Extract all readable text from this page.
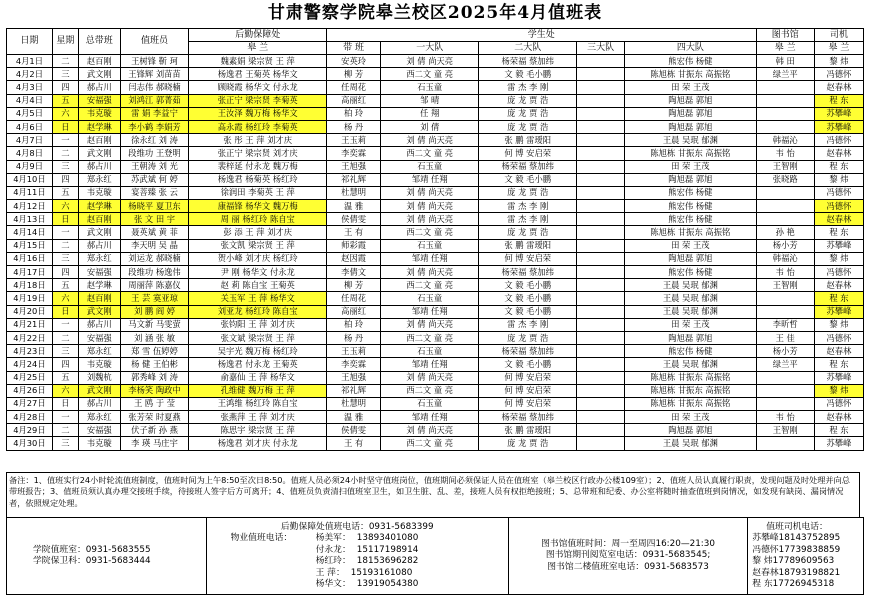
甘肃警察学院皋兰校区2025年4月值班表
日期	星期	总带班	值班员	后勤保障处	学生处					图书馆	司机
				皋 兰	带 班	一大队	二大队	三大队	四大队	皋 兰	皋 兰
4月1日	二	赵百刚	王树锋 靳 珂	魏素娟 梁宗贤 王 萍	安英玲	刘 倩 尚天亮	杨荣福 蔡加纬		熊宏伟 杨健	韩 田	黎 炜
4月2日	三	武文刚	王锋辉 刘苗苗	杨逸君 王菊英 杨华文	柳 芳	西二文 童 亮	文 毅 毛小鹏		陈旭栋 甘振东 高振铭	绿兰平	冯德怀
4月3日	四	郝占川	闫志伟 郝晓楠	顾晓霞 杨华文 付永龙	任周花	石玉童	雷 杰 李 刚		田 荣 王茂		赵春林
4月4日	五	安福强	刘鸿江 郭菁茹	张正宁 梁宗贤 李菊英	高丽红	邹 晴	庞 龙 贾 浩		陶旭磊 郭旭		程 东
4月5日	六	韦克璇	雷 娟 李益宁	王汝泽 魏万梅 杨华文	柏 玲	任 翔	庞 龙 贾 浩		陶旭磊 郭旭		苏攀峰
4月6日	日	赵学琳	李小鹤 李娟芳	高永霞 杨红玲 李菊英	杨 丹	刘 倩	庞 龙 贾 浩		陶旭磊 郭旭		苏攀峰
4月7日	一	赵百刚	徐永红 刘 涛	张 彤 王 萍 刘才庆	王玉莉	刘 倩 尚天亮	张 鹏 雷瑷阳		王晨 吴珉 郁渊	韩福沁	冯德怀
4月8日	二	武文刚	段维功 王登明	张正宁 梁宗贤 刘才庆	李奕霖	西二文 童 亮	何 博 安启荣		陈旭栋 甘振东 高振铭	韦 怡	赵春林
4月9日	三	郝占川	王朝涛 刘 光	裴梓延 付永龙 魏万梅	王旭强	石玉童	杨荣福 蔡加纬		田 荣 王茂	王智刚	程 东
4月10日	四	郑永红	苏武斌 何 婷	杨逸君 杨菊英 杨红玲	祁礼辉	邹靖 任翔	文 毅 毛小鹏		陶旭磊 郭旭	张晓路	黎 炜
4月11日	五	韦克璇	宴菩臻 张 云	徐润田 李菊英 王 萍	杜慧明	刘 倩 尚天亮	庞 龙 贾 浩		熊宏伟 杨健		冯德怀
4月12日	六	赵学琳	杨晓平 夏卫东	康福锋 杨华文 魏万梅	温 雅	刘 倩 尚天亮	雷 杰 李 刚		熊宏伟 杨健		冯德怀
4月13日	日	赵百刚	张 文 田 宇	周 丽 杨红玲 陈自宝	侯倩雯	刘 倩 尚天亮	雷 杰 李 刚		熊宏伟 杨健		赵春林
4月14日	一	武文刚	聂英斌 黄 菲	彭 添 王 萍 刘才庆	王 有	西二文 童 亮	庞 龙 贾 浩		陈旭栋 甘振东 高振铭	孙 艳	程 东
4月15日	二	郝占川	李天明 吴 晶	张文凯 梁宗贤 王 萍	师彩霞	石玉童	张 鹏 雷瑷阳		田 荣 王茂	杨小芳	苏攀峰
4月16日	三	郑永红	刘运龙 郝晓楠	贺小峰 刘才庆 杨红玲	赵因霞	邹靖 任翔	何 博 安启荣		陶旭磊 郭旭	韩福沁	黎 炜
4月17日	四	安福强	段维功 杨逸伟	尹 刚 杨华文 付永龙	李倩文	刘 倩 尚天亮	杨荣福 蔡加纬		熊宏伟 杨健	韦 怡	冯德怀
4月18日	五	赵学琳	周丽萍 陈嘉仪	赵 莉 陈自宝 王菊英	柳 芳	西二文 童 亮	文 毅 毛小鹏		王晨 吴珉 郁渊	王智刚	赵春林
4月19日	六	赵百刚	王 芸 寞亚琼	关玉军 王 萍 杨华文	任周花	石玉童	文 毅 毛小鹏		王晨 吴珉 郁渊		程 东
4月20日	日	武文刚	刘 鹏 阎 婷	刘亚龙 杨红玲 陈自宝	高丽红	邹靖 任翔	文 毅 毛小鹏		王晨 吴珉 郁渊		苏攀峰
4月21日	一	郝占川	马文新 马雯萤	张钧阳 王 萍 刘才庆	柏 玲	刘 倩 尚天亮	雷 杰 李 刚		田 荣 王茂	李昕哲	黎 炜
4月22日	二	安福强	刘 涵 张 敏	张文斌 梁宗贤 王 萍	杨 丹	西二文 童 亮	庞 龙 贾 浩		陶旭磊 郭旭	王 佳	冯德怀
4月23日	三	郑永红	郑 雪 伍婷婷	吴宇光 魏万梅 杨红玲	王玉莉	石玉童	杨荣福 蔡加纬		熊宏伟 杨健	杨小芳	赵春林
4月24日	四	韦克璇	杨 健 王伯彬	杨逸君 付永龙 王菊英	李奕霖	邹靖 任翔	文 毅 毛小鹏		王晨 吴珉 郁渊	绿兰平	程 东
4月25日	五	刘魏杭	郭秀峰 刘 涛	俞嘉仙 王 萍 杨华文	王旭强	刘 倩 尚天亮	何 博 安启荣		陈旭栋 甘振东 高振铭		苏攀峰
4月26日	六	武文刚	李杨笑 陶政中	孔维健 魏万梅 王 萍	祁礼辉	西二文 童 亮	何 博 安启荣		陈旭栋 甘振东 高振铭		黎 炜
4月27日	日	郝占川	王 鸥 于 莹	王鸿维 杨红玲 陈自宝	杜慧明	石玉童	何 博 安启荣		陈旭栋 甘振东 高振铭		冯德怀
4月28日	一	郑永红	张芳荣 时夏燕	张燕萍 王 萍 刘才庆	温 雅	邹靖 任翔	杨荣福 蔡加纬		田 荣 王茂	韦 怡	赵春林
4月29日	二	安福强	伏子新 孙 燕	陈思宇 梁宗贤 王 萍	侯倩雯	刘 倩 尚天亮	张 鹏 雷瑷阳		陶旭磊 郭旭	王智刚	程 东
4月30日	三	韦克璇	李 瑛 马庄宇	杨逸君 刘才庆 付永龙	王 有	西二文 童 亮	庞 龙 贾 浩		王晨 吴珉 郁渊		苏攀峰
备注：1、值班实行24小时轮流值班制度，值班时间为上午8:50至次日8:50。值班人员必须24小时坚守值班岗位，值班期间必须保证人员在值班室（皋兰校区行政办公楼109室）；2、值班人员认真履行职责，发现问题及时处理并向总带班报告；3、值班员须认真办理交接班手续，待接班人签字后方可离开；4、值班员负责清扫值班室卫生，如卫生脏、乱、差，接班人员有权拒绝接班；5、总带班和纪委、办公室将随时抽查值班到岗情况，如发现有缺岗、漏岗情况者，依照规定处理。
学院值班室：0931-5683555
学院保卫科：0931-5683444
后勤保障处值班电话：0931-5683399
物业值班电话：	杨美军： 13893401080
付永龙： 15117198914
杨红玲： 18153696282
王 萍： 15193161080
杨华文： 13919054380
图书馆值班时间：周一至周四16:20—21:30
图书馆期刊阅览室电话：0931-5683545;
图书馆二楼值班室电话：0931-5683573
值班司机电话：
苏攀峰18143752895
冯德怀17739838859
黎 炜17789609563
赵春林18793198821
程 东17726945318
